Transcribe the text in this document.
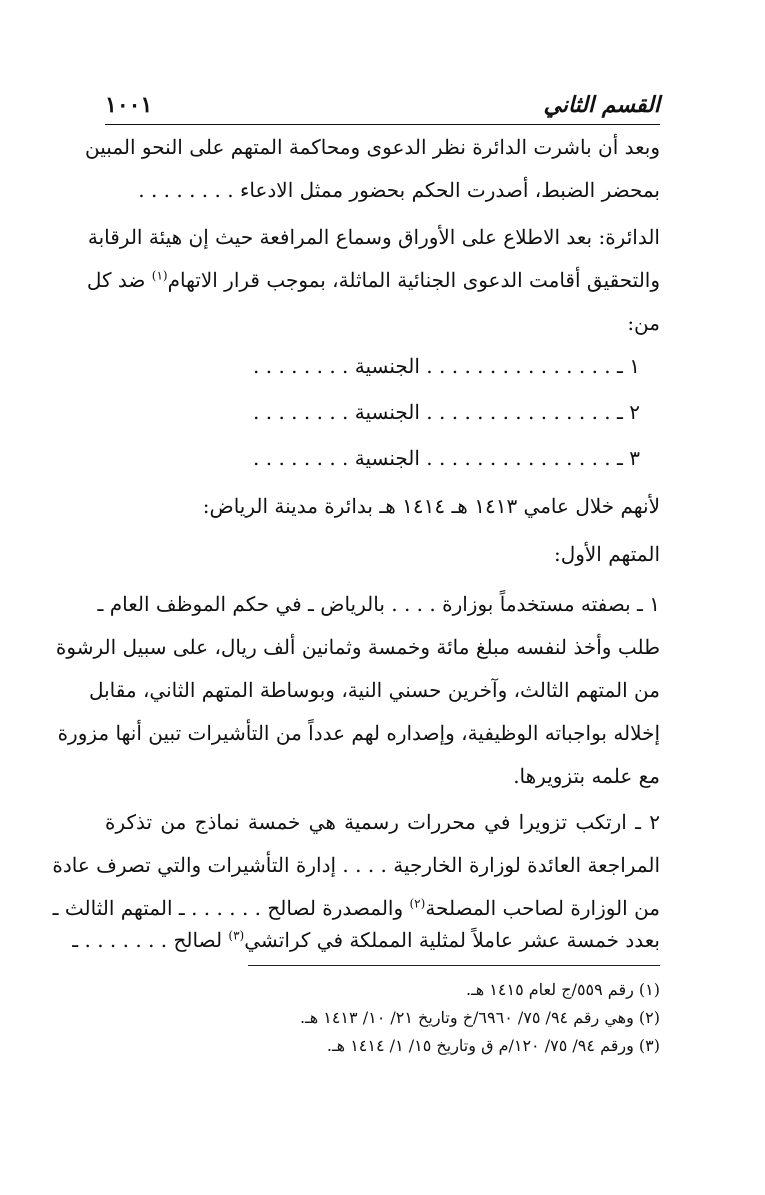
القسم الثاني
١٠٠١
وبعد أن باشرت الدائرة نظر الدعوى ومحاكمة المتهم على النحو المبين
بمحضر الضبط، أصدرت الحكم بحضور ممثل الادعاء . . . . . . . .
الدائرة: بعد الاطلاع على الأوراق وسماع المرافعة حيث إن هيئة الرقابة
والتحقيق أقامت الدعوى الجنائية الماثلة، بموجب قرار الاتهام$^{(١)}$ ضد كل
من:
١ ـ . . . . . . . . . . . . . . . الجنسية . . . . . . . .
٢ ـ . . . . . . . . . . . . . . . الجنسية . . . . . . . .
٣ ـ . . . . . . . . . . . . . . . الجنسية . . . . . . . .
لأنهم خلال عامي ١٤١٣ هـ ١٤١٤ هـ بدائرة مدينة الرياض:
المتهم الأول:
١ ـ بصفته مستخدماً بوزارة . . . . بالرياض ـ في حكم الموظف العام ـ
طلب وأخذ لنفسه مبلغ مائة وخمسة وثمانين ألف ريال، على سبيل الرشوة
من المتهم الثالث، وآخرين حسني النية، وبوساطة المتهم الثاني، مقابل
إخلاله بواجباته الوظيفية، وإصداره لهم عدداً من التأشيرات تبين أنها مزورة
مع علمه بتزويرها.
٢ ـ ارتكب تزويرا في محررات رسمية هي خمسة نماذج من تذكرة
المراجعة العائدة لوزارة الخارجية . . . . إدارة التأشيرات والتي تصرف عادة
من الوزارة لصاحب المصلحة$^{(٢)}$ والمصدرة لصالح . . . . . . ـ المتهم الثالث ـ
بعدد خمسة عشر عاملاً لمثلية المملكة في كراتشي$^{(٣)}$ لصالح . . . . . . . ـ
(١) رقم ٥٥٩/ج لعام ١٤١٥ هـ.
(٢) وهي رقم ٩٤/ ٧٥/ ٦٩٦٠/خ وتاريخ ٢١/ ١٠/ ١٤١٣ هـ.
(٣) ورقم ٩٤/ ٧٥/ ١٢٠/م ق وتاريخ ١٥/ ١/ ١٤١٤ هـ.
